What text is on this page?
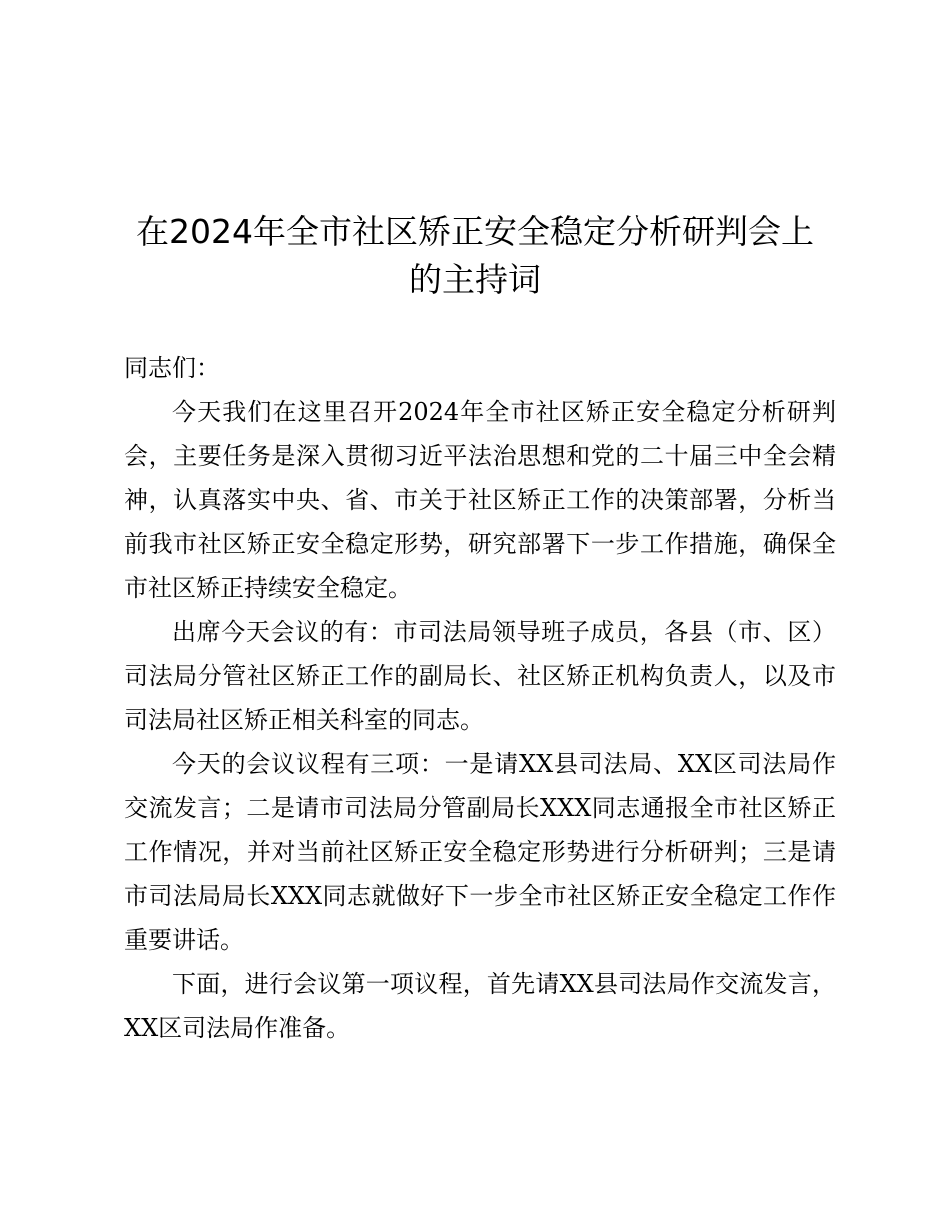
在2024年全市社区矫正安全稳定分析研判会上的主持词

同志们：

今天我们在这里召开2024年全市社区矫正安全稳定分析研判会，主要任务是深入贯彻习近平法治思想和党的二十届三中全会精神，认真落实中央、省、市关于社区矫正工作的决策部署，分析当前我市社区矫正安全稳定形势，研究部署下一步工作措施，确保全市社区矫正持续安全稳定。

出席今天会议的有：市司法局领导班子成员，各县（市、区）司法局分管社区矫正工作的副局长、社区矫正机构负责人，以及市司法局社区矫正相关科室的同志。

今天的会议议程有三项：一是请XX县司法局、XX区司法局作交流发言；二是请市司法局分管副局长XXX同志通报全市社区矫正工作情况，并对当前社区矫正安全稳定形势进行分析研判；三是请市司法局局长XXX同志就做好下一步全市社区矫正安全稳定工作作重要讲话。

下面，进行会议第一项议程，首先请XX县司法局作交流发言，XX区司法局作准备。
